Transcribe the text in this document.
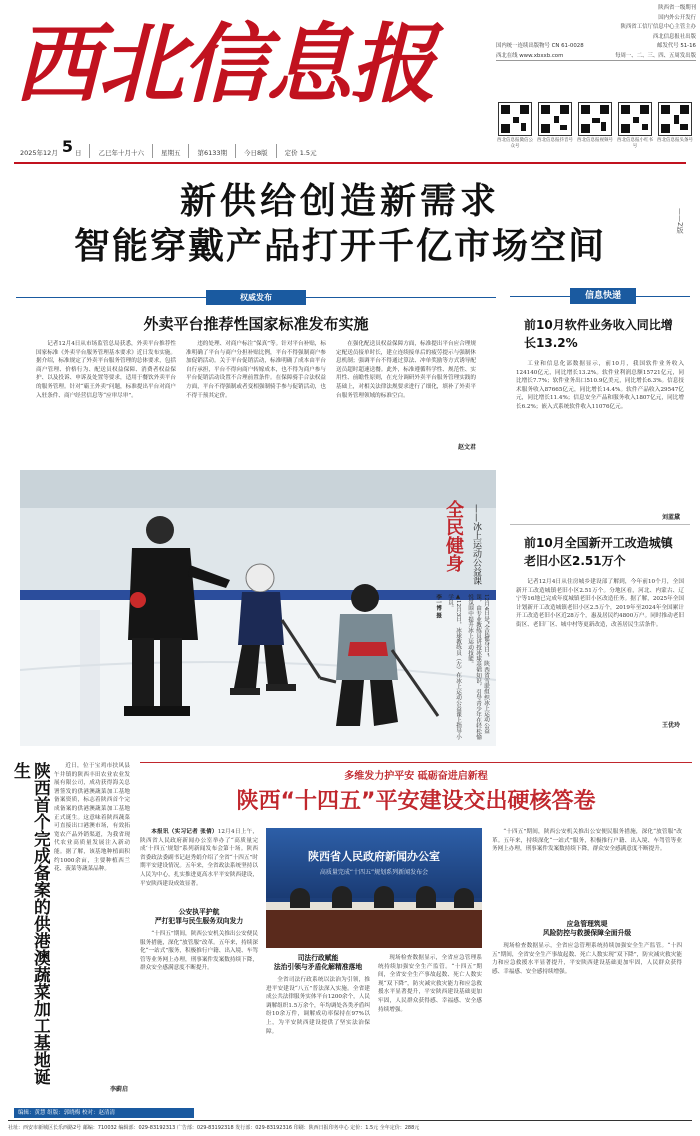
西北信息报
陕西省一级期刊
国内外公开发行
陕西省工信厅信息中心主管主办
西北信息报社出版
国内统一连续出版物号 CN 61-0028	邮发代号 51-16
西北在线 www.xbxxb.com	每周一、二、三、四、五周发出版
西北信息报微信公众号
西北信息报抖音号 西北信息报视频号 西北信息报小红书号
西北信息报头条号
2025年12月 5 日	乙巳年十月十六	星期五	第6133期	今日8版	定价 1.5元
新供给创造新需求
智能穿戴产品打开千亿市场空间
——2版
权威发布
外卖平台推荐性国家标准发布实施

记者12月4日从市场监管总局获悉，外卖平台推荐性国家标准《外卖平台服务管理基本要求》近日发布实施。据介绍，标准规定了外卖平台服务管理的总体要求，包括商户管理、价格行为、配送员权益保障、消费者权益保护、以及投诉、申诉及处置等要求，适用于餐饮外卖平台的服务管理。针对“霸王外卖”问题，标准提出平台对商户入驻条件、商户经营信息等“应审尽审”。

违的处理、对商户标注“保真”等。针对平台补贴，标准明确了平台与商户分担补贴比例，平台不得强制商户参加促销活动。关于平台促销活动，标准明确了成本由平台自行承担，平台不得向商户转嫁成本，也不得为商户参与平台促销活动设置不合理前置条件。在保障骑手合法权益方面，平台不得强制或者变相强制骑手参与促销活动，也不得干预其定价。

在强化配送员权益保障方面，标准提出平台应合理规定配送员接单时长，建立连续接单后的疲劳提示与强制休息机制；强调平台不得通过算法、冲单奖励等方式诱导配送员超时超速送餐。此外，标准遵循科学性、规范性、实用性、前瞻性原则，在充分调研外卖平台服务管理实践的基础上，对相关法律法规要求进行了细化，填补了外卖平台服务管理领域的标准空白。

赵文君
信息快递
前10月软件业务收入同比增长13.2%

工业和信息化部数据显示，前10月，我国软件业务收入124140亿元，同比增长13.2%。软件业利润总额15721亿元，同比增长7.7%；软件业务出口510.9亿美元，同比增长6.3%。信息技术服务收入87665亿元，同比增长14.4%。软件产品收入29547亿元，同比增长11.4%；信息安全产品和服务收入1807亿元，同比增长6.2%；嵌入式系统软件收入11076亿元。

刘蓝黛
前10月全国新开工改造城镇老旧小区2.51万个

记者12月4日从住房城乡建设部了解到，今年前10个月，全国新开工改造城镇老旧小区2.51万个。分地区看，河北、内蒙古、辽宁等16地已完成年度城镇老旧小区改造任务。据了解，2025年全国计划新开工改造城镇老旧小区2.5万个，2019年至2024年全国累计开工改造老旧小区近28万个，惠及居民约4800万户。同时推动老旧街区、老旧厂区、城中村等更新改造，改善居民生活条件。

王优玲
全民健身 ——冰上运动公益课
12月4日是“全民健身日”，陕西省雪联组织冰上运动公益课，由专业教练员讲授冰球基础知识，引导青少年在轻松愉悦氛围中提升冰上运动技能。
▲12月3日，冰球教练员（左）在冰上运动公益课上指导小学员。
李一博 摄
陕西首个完成备案的供港澳蔬菜加工基地诞生	近日，位于宝鸡市扶风县午井镇的陕西丰田农业农业发展有限公司，成功获得海关总署签发的供港澳蔬菜加工基地备案资质，标志着陕西首个完成备案的供港澳蔬菜加工基地正式诞生。这意味着陕西蔬菜可直接出口港澳市场，有效拓宽农产品外销渠道，为我省现代农业高质量发展注入新动能。据了解，该基地种植面积约1000余亩，主要种植西兰花、菠菜等蔬菜品种。

李蔚启
编辑：黄慧 组版：郭晓梅 校对：赵清清
多维发力护平安 砥砺奋进启新程
陕西“十四五”平安建设交出硬核答卷

本报讯（实习记者 张倩）12月4日上午，陕西省人民政府新闻办公室举办了“高质量完成‘十四五’规划”系列新闻发布会第十场。陕西省委政法委副书记赵秀娟介绍了全省“十四五”时期平安建设情况。五年来，全省政法系统坚持以人民为中心，扎实推进更高水平平安陕西建设，平安陕西建设成效显著。

公安执平护航
严打犯罪与民生服务双向发力

“十四五”期间，陕西公安机关推出公安便民服务措施，深化“放管服”改革。五年来，持续深化“一站式”服务，积极推行户籍、出入境、车驾管等业务网上办理，刑事案件发案数持续下降，群众安全感满意度不断提升。

陕西省人民政府新闻办公室
高质量完成“十四五”规划系列新闻发布会
司法行政赋能
法治引领与矛盾化解精准落地

全省司法行政系统以法治为引领，推进平安建设“八五”普法深入实施。全省建成公共法律服务实体平台1200余个，人民调解组织1.5万余个，年均调处各类矛盾纠纷10余万件，调解成功率保持在97%以上，为平安陕西建设提供了坚实法治保障。

现场检查数据显示，全省应急管理系统持续加强安全生产监管。“十四五”期间，全省安全生产事故起数、死亡人数实现“双下降”，防灾减灾救灾能力和应急救援水平显著提升，平安陕西建设基础更加牢固，人民群众获得感、幸福感、安全感持续增强。

应急管理筑堤
风险防控与救援保障全面升级

“十四五”期间，陕西公安机关推出公安便民服务措施，深化“放管服”改革。五年来，持续深化“一站式”服务，积极推行户籍、出入境、车驾管等业务网上办理，刑事案件发案数持续下降，群众安全感满意度不断提升。

现场检查数据显示，全省应急管理系统持续加强安全生产监管。“十四五”期间，全省安全生产事故起数、死亡人数实现“双下降”，防灾减灾救灾能力和应急救援水平显著提升，平安陕西建设基础更加牢固，人民群众获得感、幸福感、安全感持续增强。

社址：西安市新城区长乐西路2号 邮编：710032 编辑部：029-83192313 广告部：029-83192318 发行部：029-83192316 印刷：陕西日报印务中心 定价：1.5元 全年定价：288元
